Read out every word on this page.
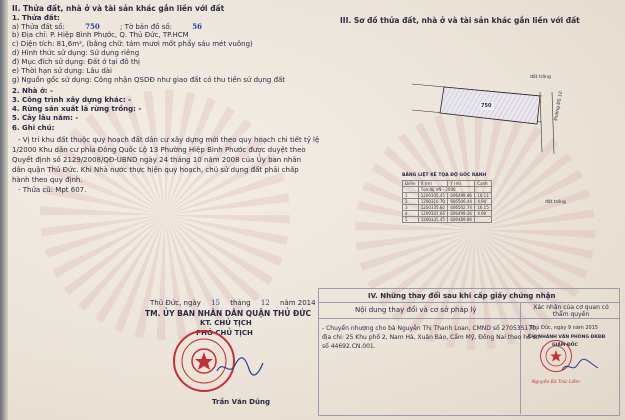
II. Thửa đất, nhà ở và tài sản khác gắn liền với đất
1. Thửa đất:
a) Thửa đất số:	750	; Tờ bản đồ số:	56
b) Địa chỉ: P. Hiệp Bình Phước, Q. Thủ Đức, TP.HCM
c) Diện tích: 81,6m², (bằng chữ: tám mươi mốt phẩy sáu mét vuông)
d) Hình thức sử dụng: Sử dụng riêng
đ) Mục đích sử dụng: Đất ở tại đô thị
e) Thời hạn sử dụng: Lâu dài
g) Nguồn gốc sử dụng: Công nhận QSDĐ như giao đất có thu tiền sử dụng đất
2. Nhà ở: -
3. Công trình xây dựng khác: -
4. Rừng sản xuất là rừng trồng: -
5. Cây lâu năm: -
6. Ghi chú:
- Vị trí khu đất thuộc quy hoạch đất dân cư xây dựng mới theo quy hoạch chi tiết tỷ lệ
1/2000 Khu dân cư phía Đông Quốc Lộ 13 Phường Hiệp Bình Phước được duyệt theo
Quyết định số 2129/2008/QĐ-UBND ngày 24 tháng 10 năm 2008 của Ủy ban nhân
dân quận Thủ Đức. Khi Nhà nước thực hiện quy hoạch, chủ sử dụng đất phải chấp
hành theo quy định.
- Thửa cũ: Mpt 607.
Thủ Đức, ngày 15 tháng 12 năm 2014
TM. ỦY BAN NHÂN DÂN QUẬN THỦ ĐỨC
KT. CHỦ TỊCH
PHÓ CHỦ TỊCH
Trần Văn Dũng
III. Sơ đồ thửa đất, nhà ở và tài sản khác gắn liền với đất
750
đất trống
đất trống
Đường ĐS 10
BẢNG LIỆT KÊ TỌA ĐỘ GÓC RANH
Điểm	X (m)	Y (m)	Cạnh
	Tọa độ VN - 2000		
1	1200335.45	606489.86	16.11
2	1200316.70	606506.44	4.90
3	1200335.60	606502.74	16.15
4	1200337.66	606499.36	4.90
5	1200335.45	606489.86	
IV. Những thay đổi sau khi cấp giấy chứng nhận
Nội dung thay đổi và cơ sở pháp lý	Xác nhận của cơ quan có thẩm quyền
- Chuyển nhượng cho bà Nguyễn Thị Thanh Loan, CMND số 270535170,
địa chỉ: 25 Khu phố 2, Nam Hà, Xuân Bảo, Cẩm Mỹ, Đồng Nai theo hồ sơ
số 44692.CN.001.
Thủ Đức, ngày 9 năm 2015
CHI NHÁNH VĂN PHÒNG ĐKĐĐ
GIÁM ĐỐC
Nguyễn Bá Trúc Liêm
